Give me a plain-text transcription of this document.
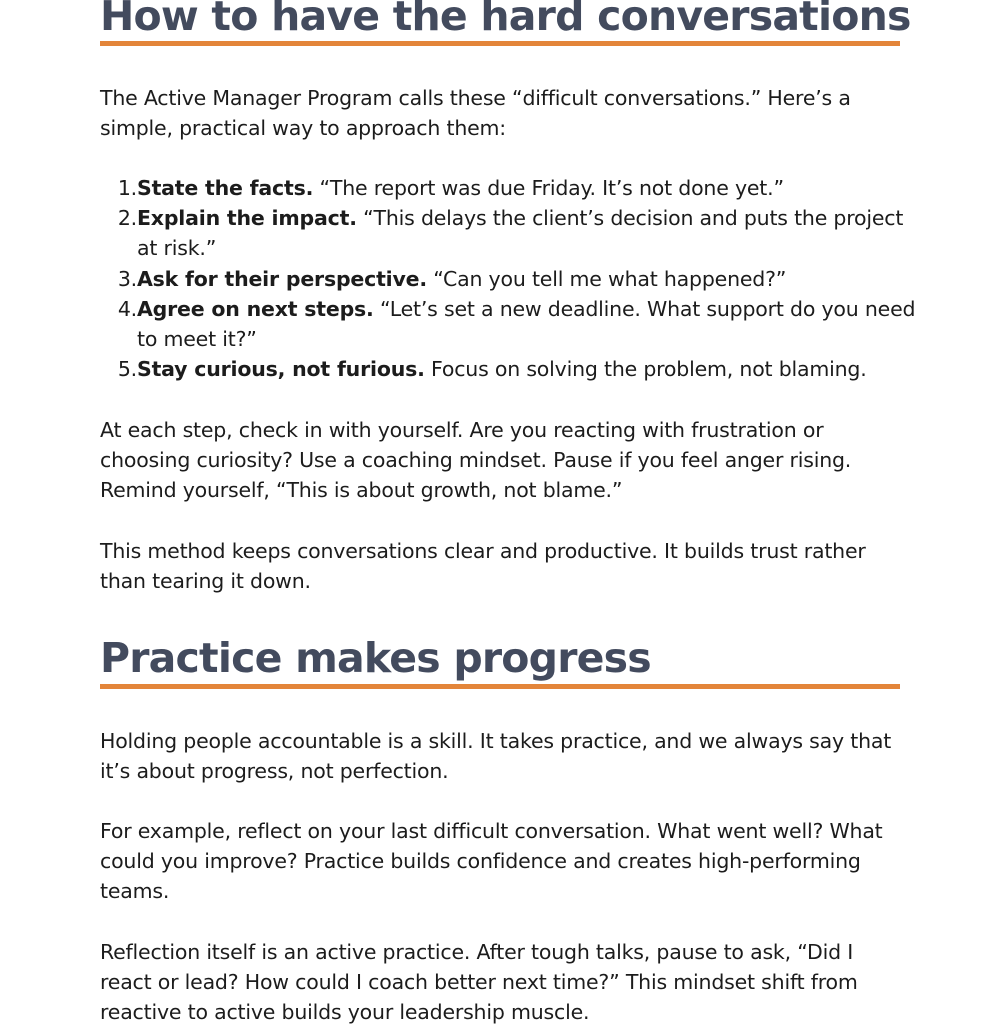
How to have the hard conversations

The Active Manager Program calls these “difficult conversations.” Here’s a simple, practical way to approach them:

1. State the facts. “The report was due Friday. It’s not done yet.”
2. Explain the impact. “This delays the client’s decision and puts the project at risk.”
3. Ask for their perspective. “Can you tell me what happened?”
4. Agree on next steps. “Let’s set a new deadline. What support do you need to meet it?”
5. Stay curious, not furious. Focus on solving the problem, not blaming.

At each step, check in with yourself. Are you reacting with frustration or choosing curiosity? Use a coaching mindset. Pause if you feel anger rising. Remind yourself, “This is about growth, not blame.”

This method keeps conversations clear and productive. It builds trust rather than tearing it down.

Practice makes progress

Holding people accountable is a skill. It takes practice, and we always say that it’s about progress, not perfection.

For example, reflect on your last difficult conversation. What went well? What could you improve? Practice builds confidence and creates high-performing teams.

Reflection itself is an active practice. After tough talks, pause to ask, “Did I react or lead? How could I coach better next time?” This mindset shift from reactive to active builds your leadership muscle.
